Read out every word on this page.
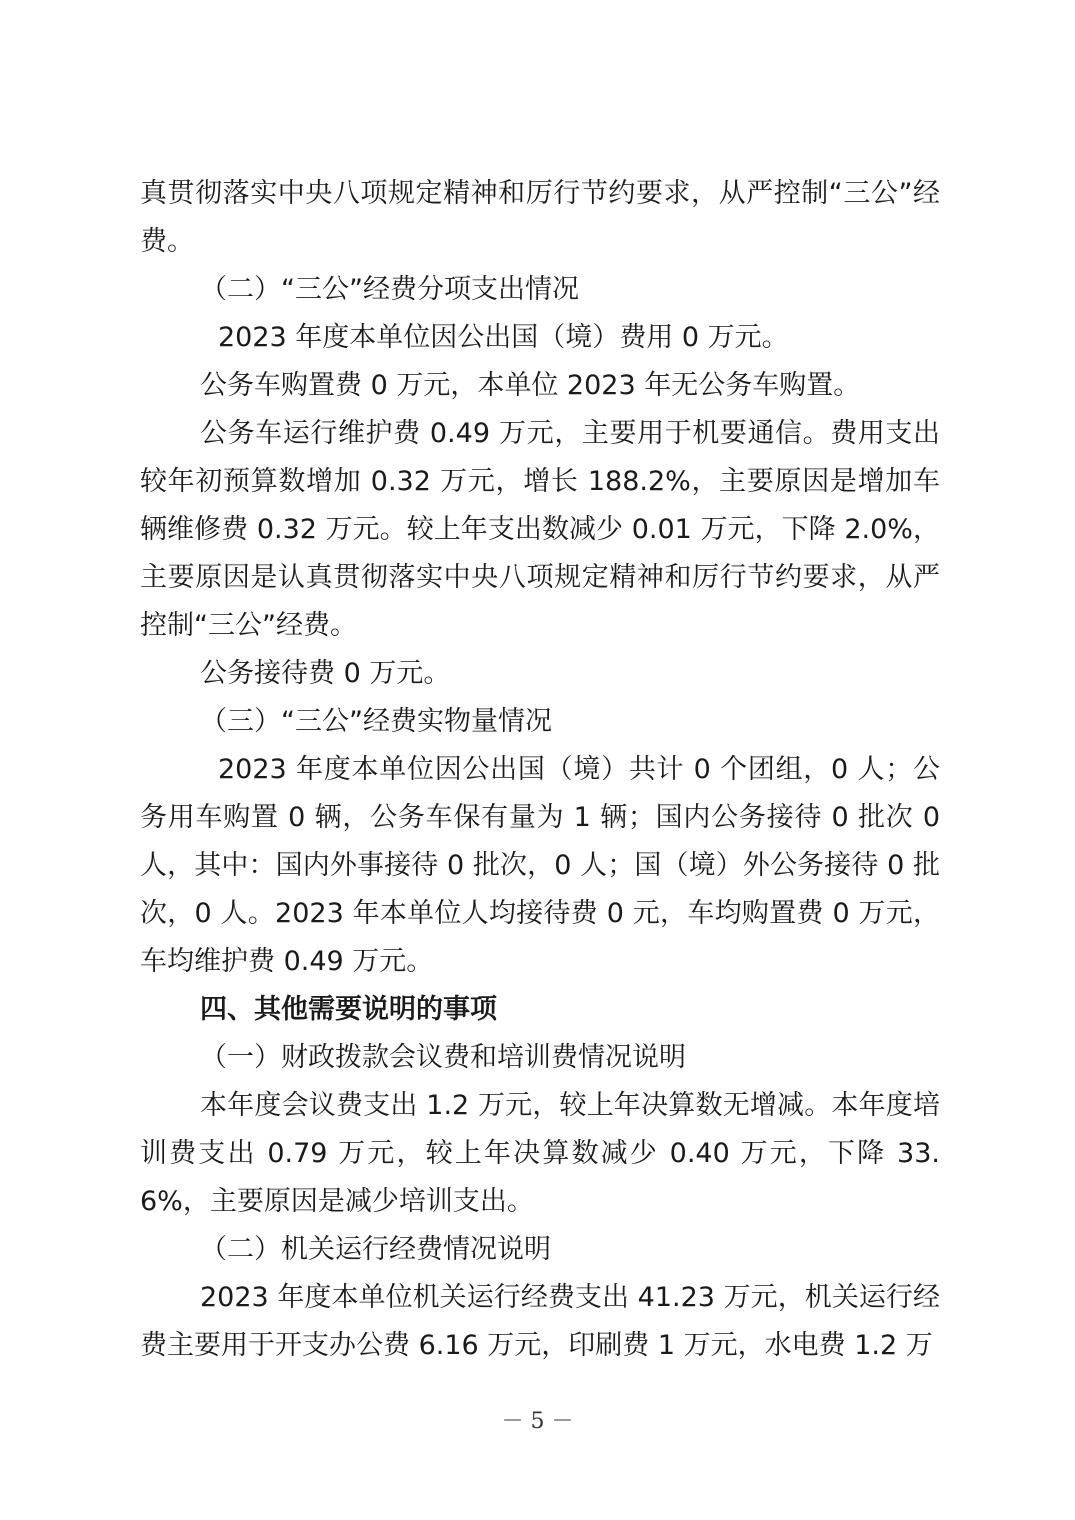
真贯彻落实中央八项规定精神和厉行节约要求，从严控制“三公”经费。

（二）“三公”经费分项支出情况

2023 年度本单位因公出国（境）费用 0 万元。

公务车购置费 0 万元，本单位 2023 年无公务车购置。

公务车运行维护费 0.49 万元，主要用于机要通信。费用支出较年初预算数增加 0.32 万元，增长 188.2%，主要原因是增加车辆维修费 0.32 万元。较上年支出数减少 0.01 万元，下降 2.0%，主要原因是认真贯彻落实中央八项规定精神和厉行节约要求，从严控制“三公”经费。

公务接待费 0 万元。

（三）“三公”经费实物量情况

2023 年度本单位因公出国（境）共计 0 个团组，0 人；公务用车购置 0 辆，公务车保有量为 1 辆；国内公务接待 0 批次 0 人，其中：国内外事接待 0 批次，0 人；国（境）外公务接待 0 批次，0 人。2023 年本单位人均接待费 0 元，车均购置费 0 万元，车均维护费 0.49 万元。

四、其他需要说明的事项

（一）财政拨款会议费和培训费情况说明

本年度会议费支出 1.2 万元，较上年决算数无增减。本年度培训费支出 0.79 万元，较上年决算数减少 0.40 万元，下降 33.6%，主要原因是减少培训支出。

（二）机关运行经费情况说明

2023 年度本单位机关运行经费支出 41.23 万元，机关运行经费主要用于开支办公费 6.16 万元，印刷费 1 万元，水电费 1.2 万

－ 5 －
